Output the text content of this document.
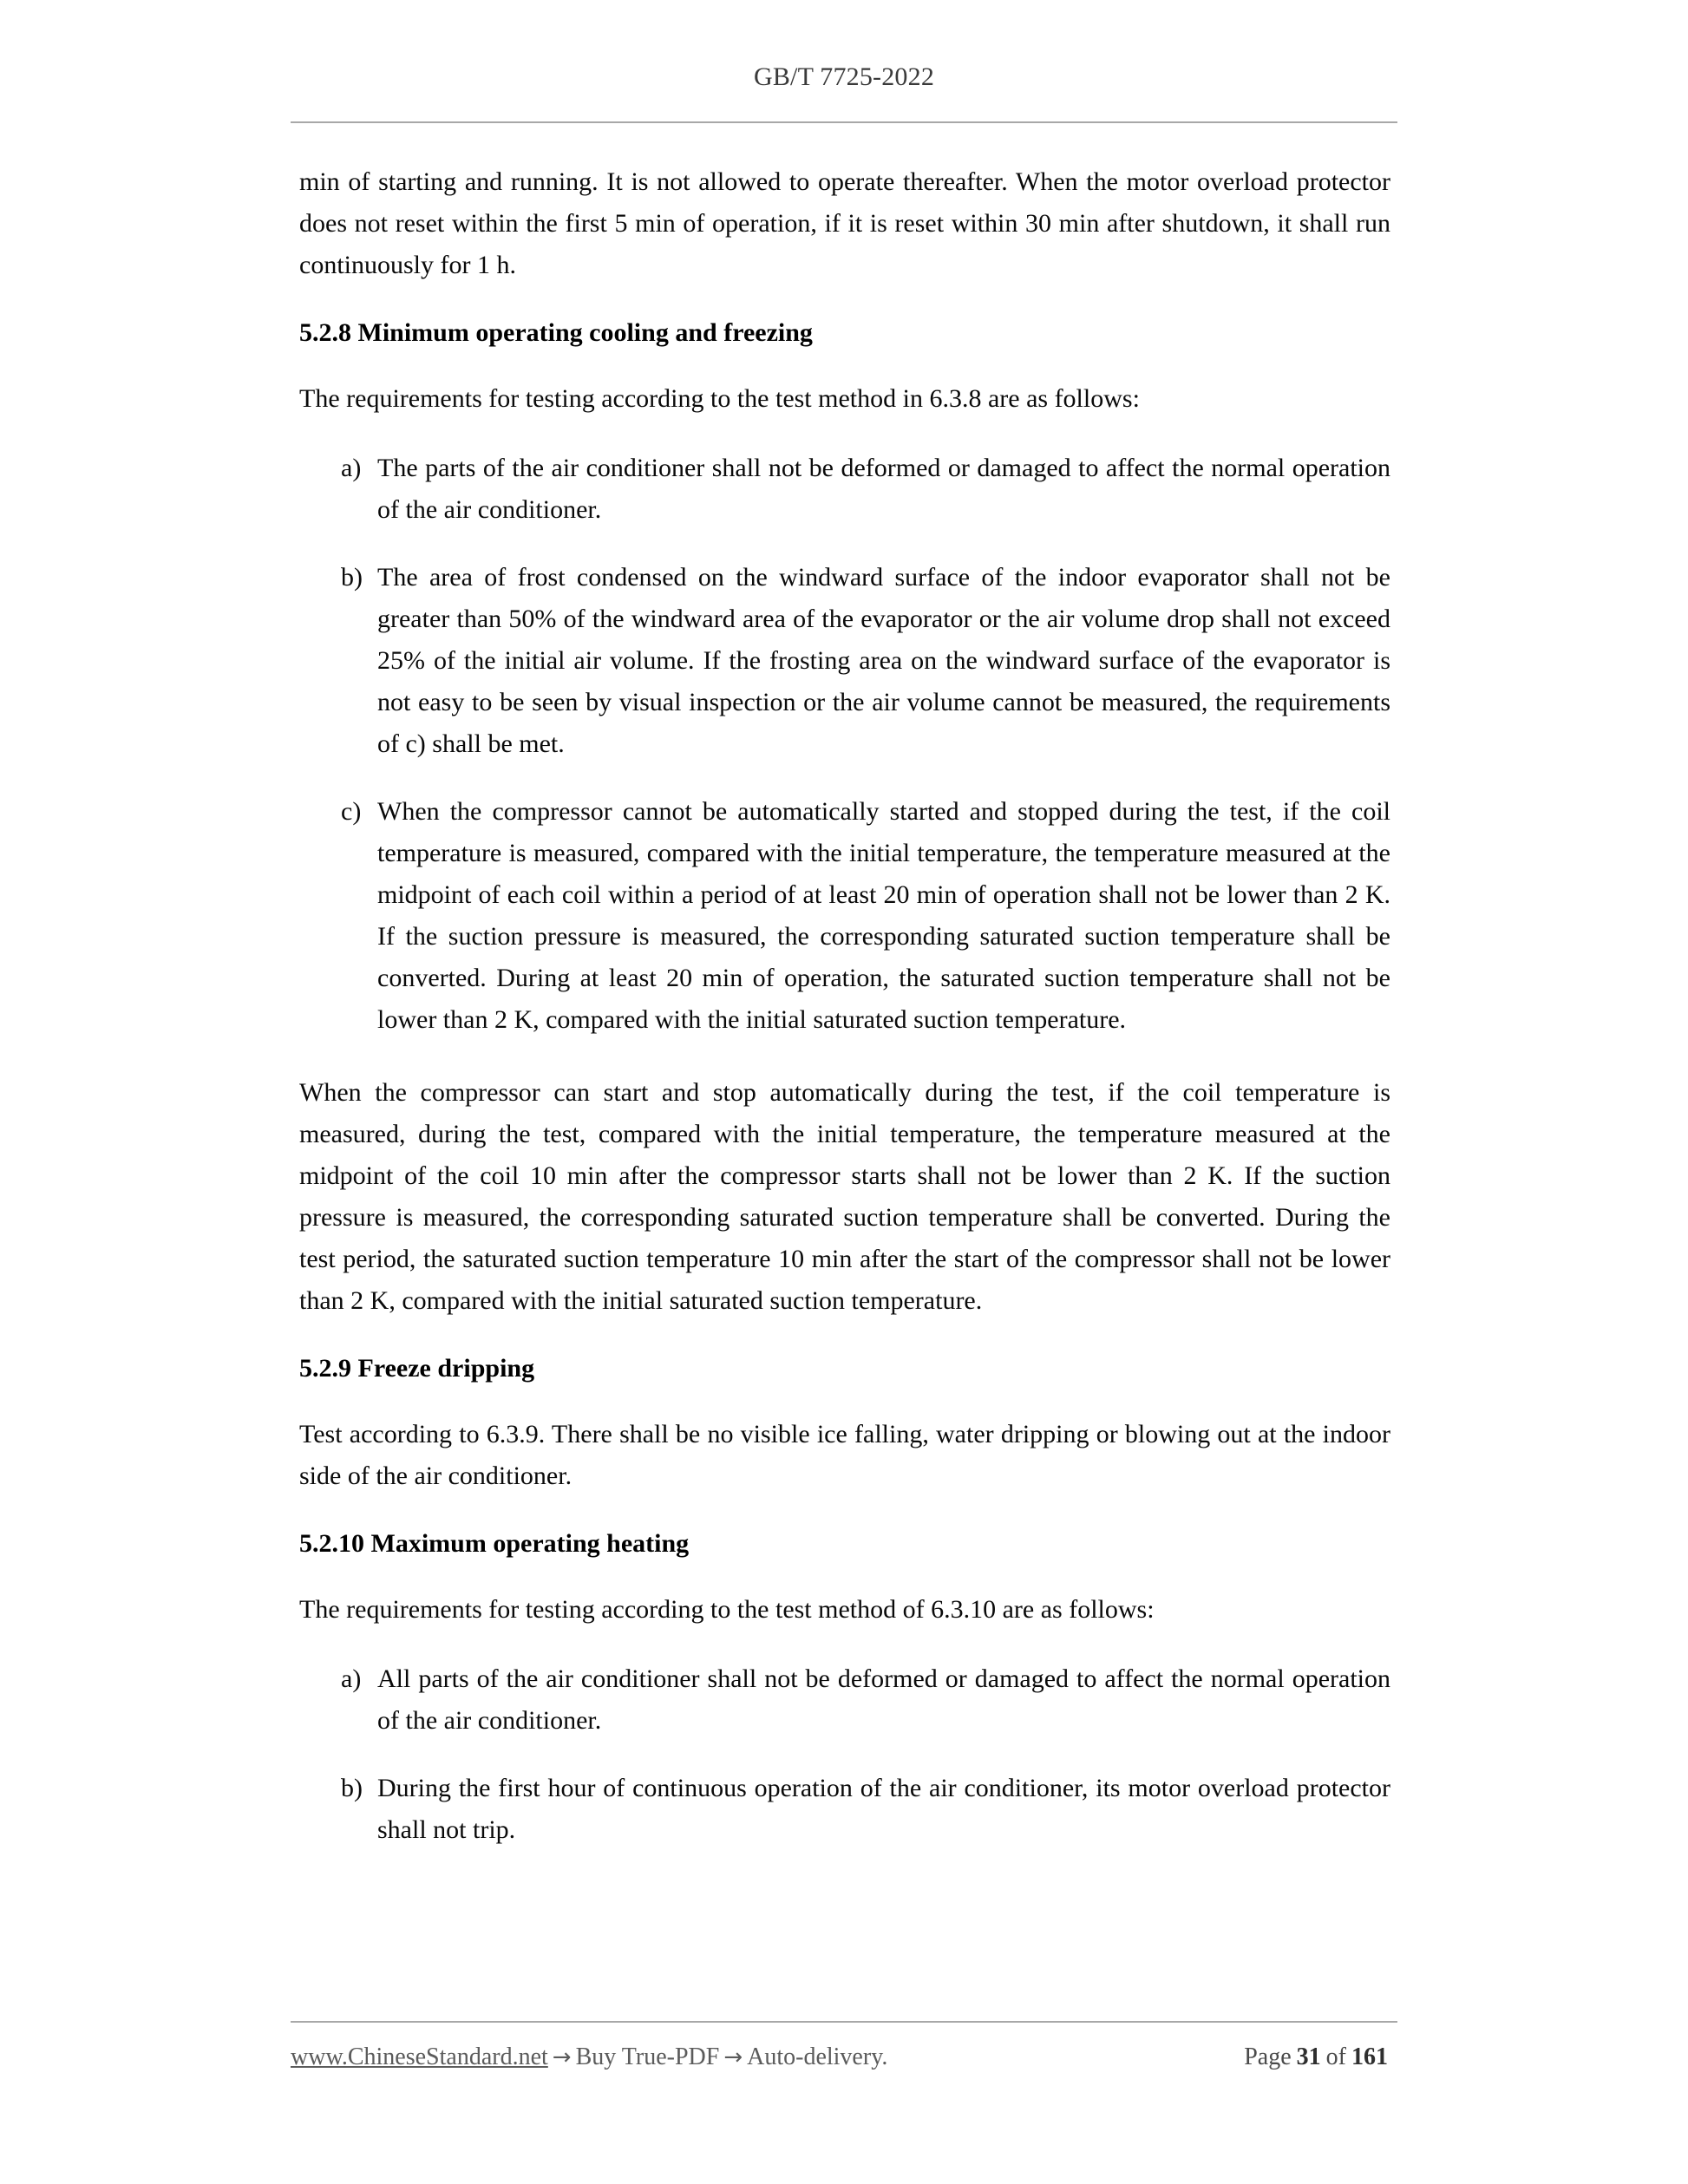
GB/T 7725-2022

min of starting and running. It is not allowed to operate thereafter. When the motor overload protector does not reset within the first 5 min of operation, if it is reset within 30 min after shutdown, it shall run continuously for 1 h.

5.2.8 Minimum operating cooling and freezing

The requirements for testing according to the test method in 6.3.8 are as follows:

a) The parts of the air conditioner shall not be deformed or damaged to affect the normal operation of the air conditioner.
b) The area of frost condensed on the windward surface of the indoor evaporator shall not be greater than 50% of the windward area of the evaporator or the air volume drop shall not exceed 25% of the initial air volume. If the frosting area on the windward surface of the evaporator is not easy to be seen by visual inspection or the air volume cannot be measured, the requirements of c) shall be met.
c) When the compressor cannot be automatically started and stopped during the test, if the coil temperature is measured, compared with the initial temperature, the temperature measured at the midpoint of each coil within a period of at least 20 min of operation shall not be lower than 2 K. If the suction pressure is measured, the corresponding saturated suction temperature shall be converted. During at least 20 min of operation, the saturated suction temperature shall not be lower than 2 K, compared with the initial saturated suction temperature.

When the compressor can start and stop automatically during the test, if the coil temperature is measured, during the test, compared with the initial temperature, the temperature measured at the midpoint of the coil 10 min after the compressor starts shall not be lower than 2 K. If the suction pressure is measured, the corresponding saturated suction temperature shall be converted. During the test period, the saturated suction temperature 10 min after the start of the compressor shall not be lower than 2 K, compared with the initial saturated suction temperature.

5.2.9 Freeze dripping

Test according to 6.3.9. There shall be no visible ice falling, water dripping or blowing out at the indoor side of the air conditioner.

5.2.10 Maximum operating heating

The requirements for testing according to the test method of 6.3.10 are as follows:

a) All parts of the air conditioner shall not be deformed or damaged to affect the normal operation of the air conditioner.
b) During the first hour of continuous operation of the air conditioner, its motor overload protector shall not trip.
www.ChineseStandard.net → Buy True-PDF → Auto-delivery.	Page 31 of 161
